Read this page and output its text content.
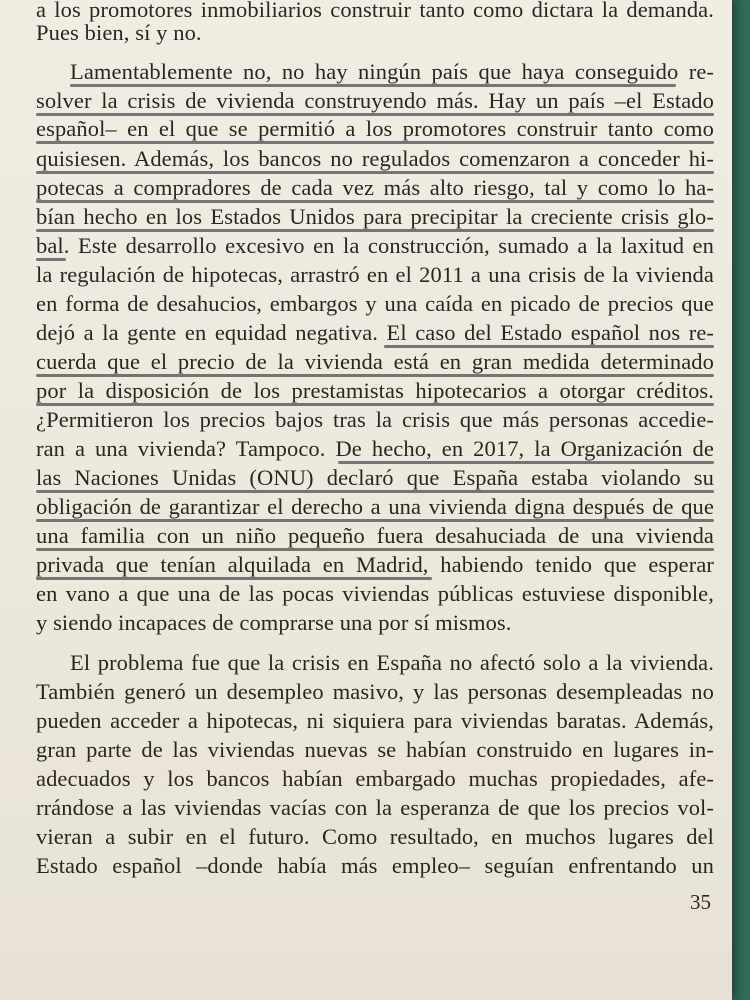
a los promotores inmobiliarios construir tanto como dictara la demanda.
Pues bien, sí y no.
Lamentablemente no, no hay ningún país que haya conseguido re-
solver la crisis de vivienda construyendo más. Hay un país –el Estado
español– en el que se permitió a los promotores construir tanto como
quisiesen. Además, los bancos no regulados comenzaron a conceder hi-
potecas a compradores de cada vez más alto riesgo, tal y como lo ha-
bían hecho en los Estados Unidos para precipitar la creciente crisis glo-
bal. Este desarrollo excesivo en la construcción, sumado a la laxitud en
la regulación de hipotecas, arrastró en el 2011 a una crisis de la vivienda
en forma de desahucios, embargos y una caída en picado de precios que
dejó a la gente en equidad negativa. El caso del Estado español nos re-
cuerda que el precio de la vivienda está en gran medida determinado
por la disposición de los prestamistas hipotecarios a otorgar créditos.
¿Permitieron los precios bajos tras la crisis que más personas accedie-
ran a una vivienda? Tampoco. De hecho, en 2017, la Organización de
las Naciones Unidas (ONU) declaró que España estaba violando su
obligación de garantizar el derecho a una vivienda digna después de que
una familia con un niño pequeño fuera desahuciada de una vivienda
privada que tenían alquilada en Madrid, habiendo tenido que esperar
en vano a que una de las pocas viviendas públicas estuviese disponible,
y siendo incapaces de comprarse una por sí mismos.
El problema fue que la crisis en España no afectó solo a la vivienda.
También generó un desempleo masivo, y las personas desempleadas no
pueden acceder a hipotecas, ni siquiera para viviendas baratas. Además,
gran parte de las viviendas nuevas se habían construido en lugares in-
adecuados y los bancos habían embargado muchas propiedades, afe-
rrándose a las viviendas vacías con la esperanza de que los precios vol-
vieran a subir en el futuro. Como resultado, en muchos lugares del
Estado español –donde había más empleo– seguían enfrentando un
35
